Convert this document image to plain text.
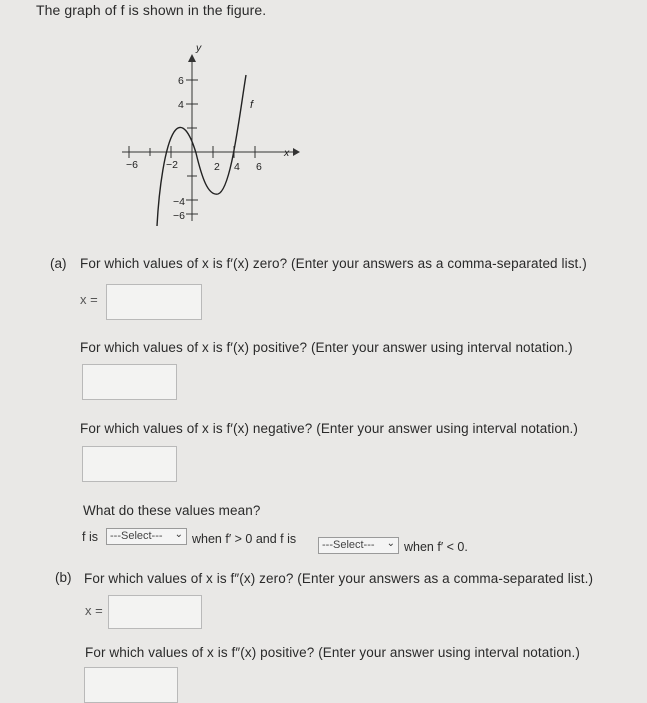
The graph of f is shown in the figure.
−6	−2	2 4 6
6
4
−4
−6
x
y
f
(a) For which values of x is f′(x) zero? (Enter your answers as a comma-separated list.)
x =
For which values of x is f′(x) positive? (Enter your answer using interval notation.)
For which values of x is f′(x) negative? (Enter your answer using interval notation.)
What do these values mean?
f is	---Select--- ⌄ when f′ > 0 and f is	---Select--- ⌄ when f′ < 0.
(b) For which values of x is f″(x) zero? (Enter your answers as a comma-separated list.)
x =
For which values of x is f″(x) positive? (Enter your answer using interval notation.)
